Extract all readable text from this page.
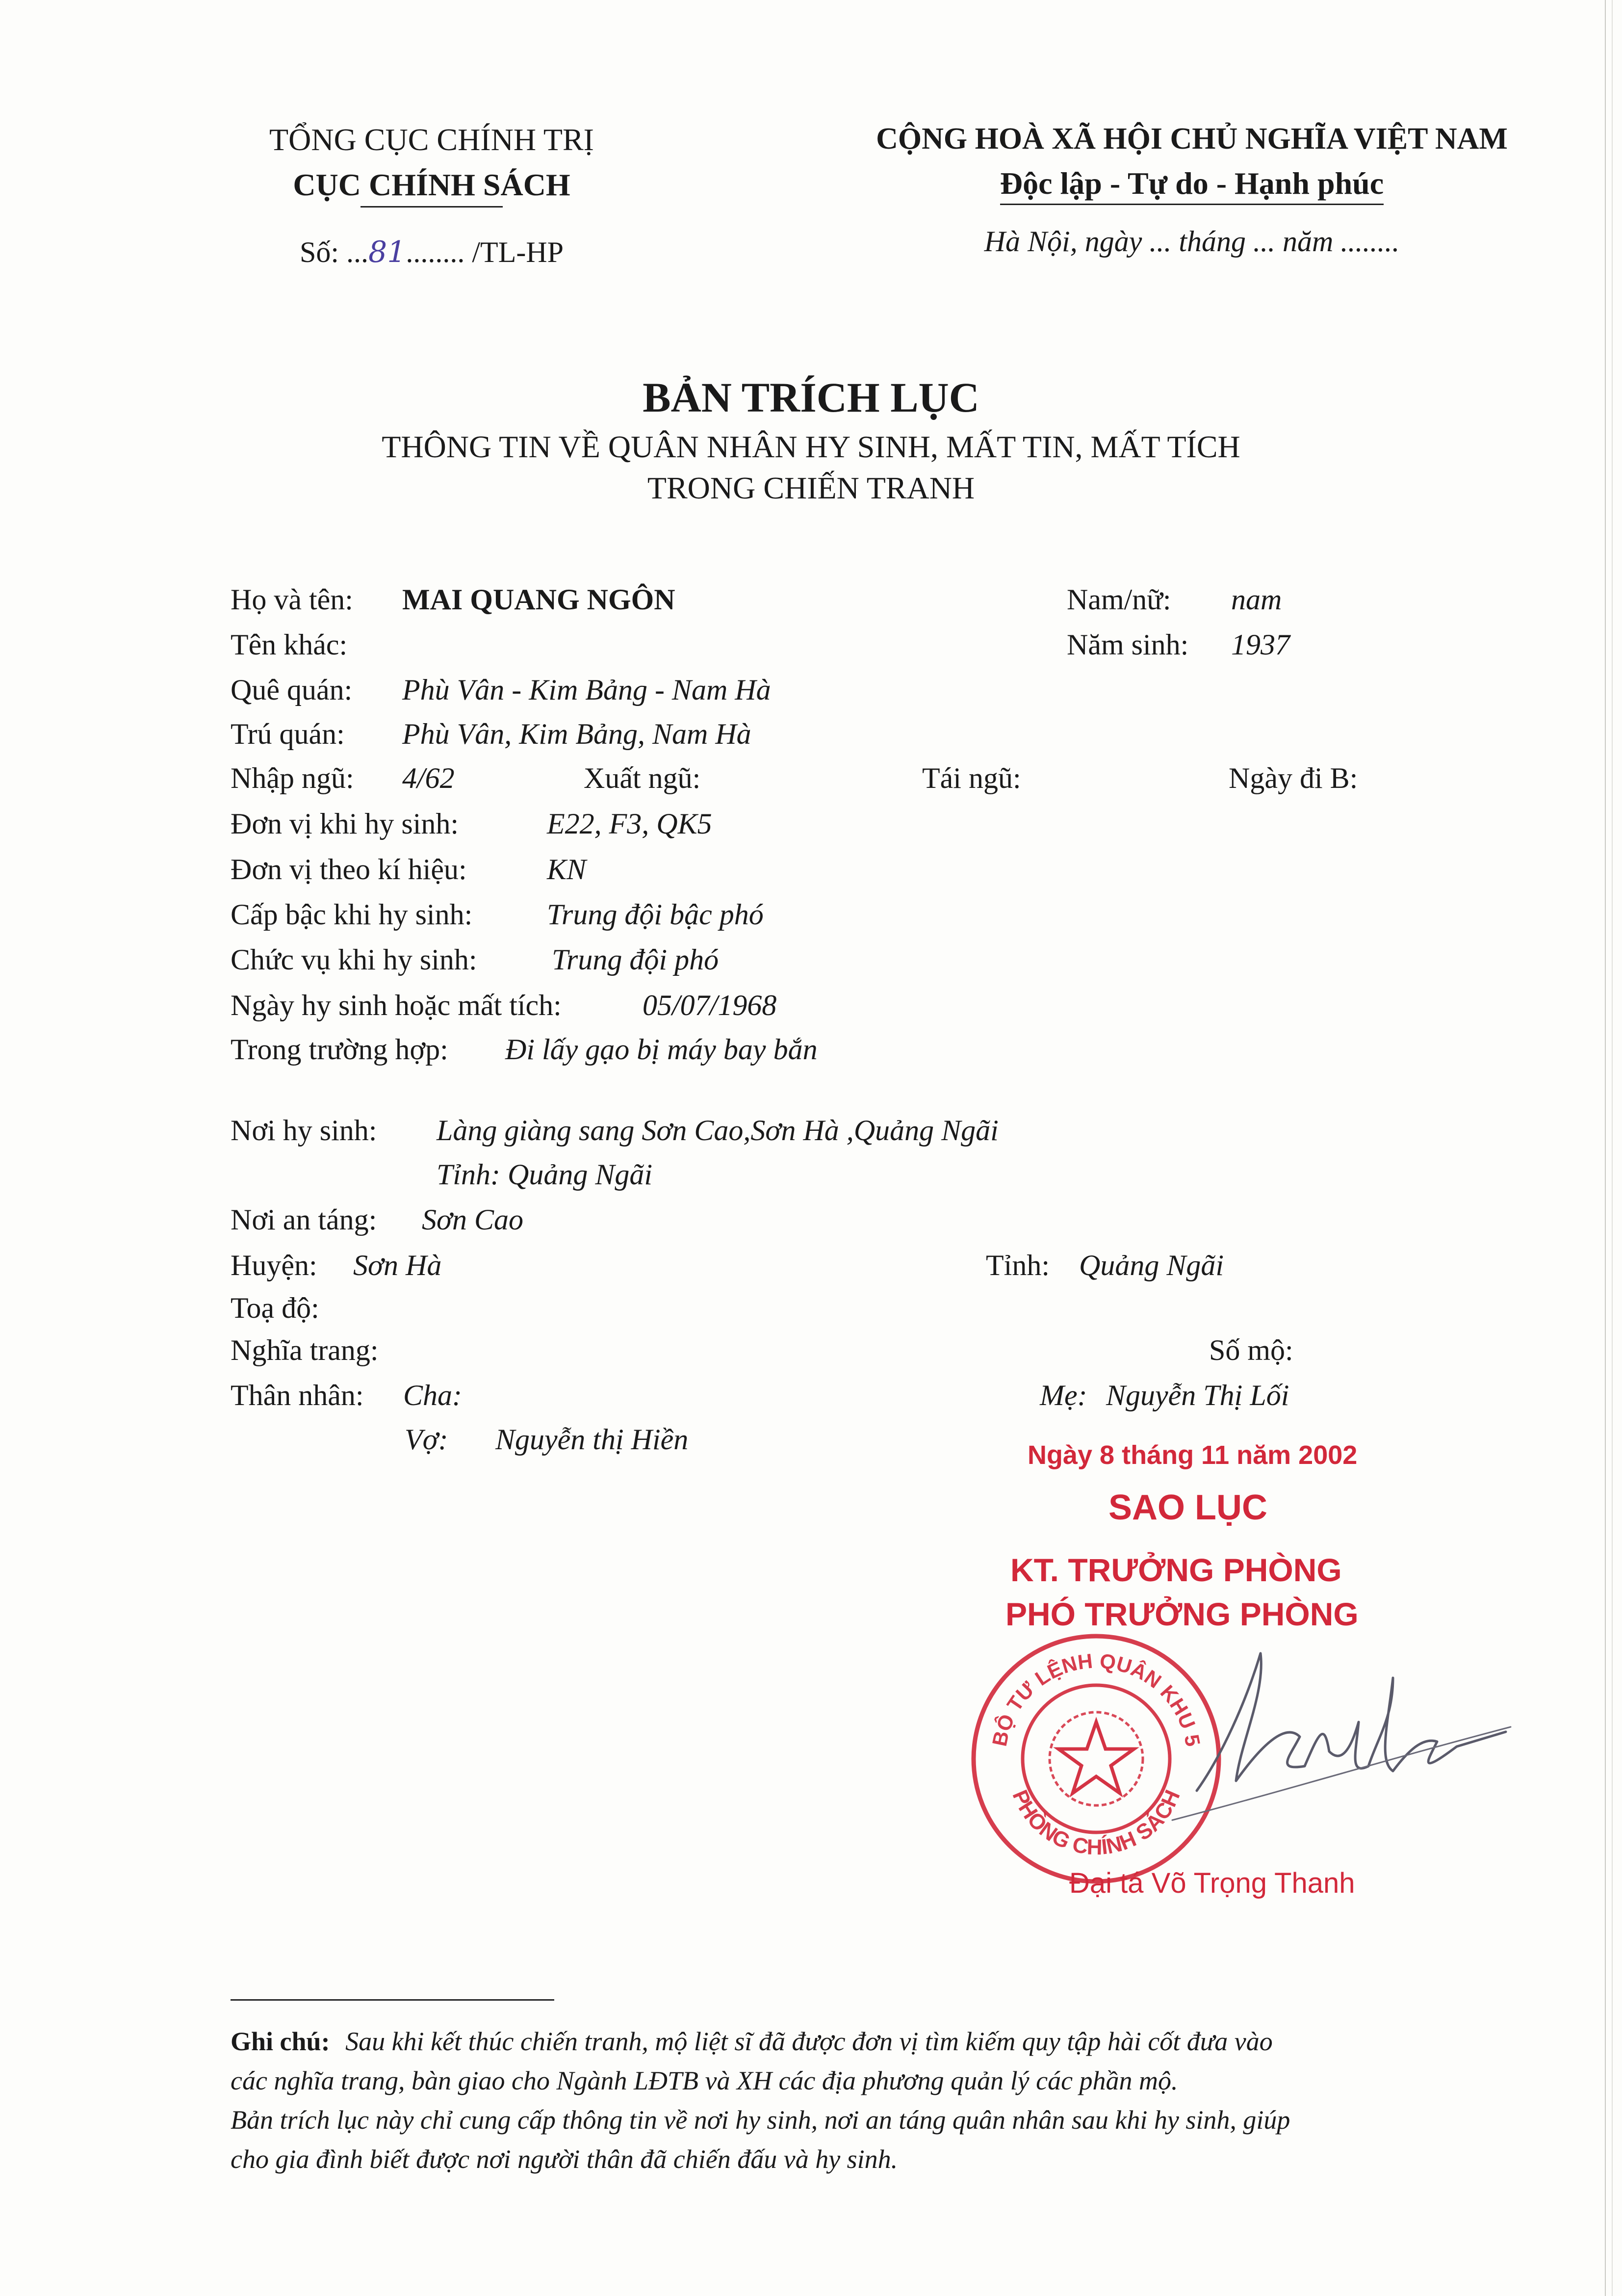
TỔNG CỤC CHÍNH TRỊ
CỤC CHÍNH SÁCH
Số: ...81........ /TL-HP
CỘNG HOÀ XÃ HỘI CHỦ NGHĨA VIỆT NAM
Độc lập - Tự do - Hạnh phúc
Hà Nội, ngày ... tháng ... năm ........
BẢN TRÍCH LỤC
THÔNG TIN VỀ QUÂN NHÂN HY SINH, MẤT TIN, MẤT TÍCH
TRONG CHIẾN TRANH
Họ và tên: MAI QUANG NGÔN	Nam/nữ: nam
Tên khác:	Năm sinh: 1937
Quê quán: Phù Vân - Kim Bảng - Nam Hà
Trú quán: Phù Vân, Kim Bảng, Nam Hà
Nhập ngũ: 4/62	Xuất ngũ:	Tái ngũ:	Ngày đi B:
Đơn vị khi hy sinh:	E22, F3, QK5
Đơn vị theo kí hiệu:	KN
Cấp bậc khi hy sinh:	Trung đội bậc phó
Chức vụ khi hy sinh:	Trung đội phó
Ngày hy sinh hoặc mất tích:	05/07/1968
Trong trường hợp: Đi lấy gạo bị máy bay bắn
Nơi hy sinh: Làng giàng sang Sơn Cao,Sơn Hà ,Quảng Ngãi
Tỉnh: Quảng Ngãi
Nơi an táng: Sơn Cao
Huyện: Sơn Hà	Tỉnh: Quảng Ngãi
Toạ độ:
Nghĩa trang:	Số mộ:
Thân nhân: Cha:	Mẹ: Nguyễn Thị Lối
Vợ: Nguyễn thị Hiền	Ngày 8 tháng 11 năm 2002
SAO LỤC
KT. TRƯỞNG PHÒNG
PHÓ TRƯỞNG PHÒNG
BỘ TƯ LỆNH QUÂN KHU 5
PHÒNG CHÍNH SÁCH
Đại tá Võ Trọng Thanh
Ghi chú: Sau khi kết thúc chiến tranh, mộ liệt sĩ đã được đơn vị tìm kiếm quy tập hài cốt đưa vào
các nghĩa trang, bàn giao cho Ngành LĐTB và XH các địa phương quản lý các phần mộ.
Bản trích lục này chỉ cung cấp thông tin về nơi hy sinh, nơi an táng quân nhân sau khi hy sinh, giúp
cho gia đình biết được nơi người thân đã chiến đấu và hy sinh.
